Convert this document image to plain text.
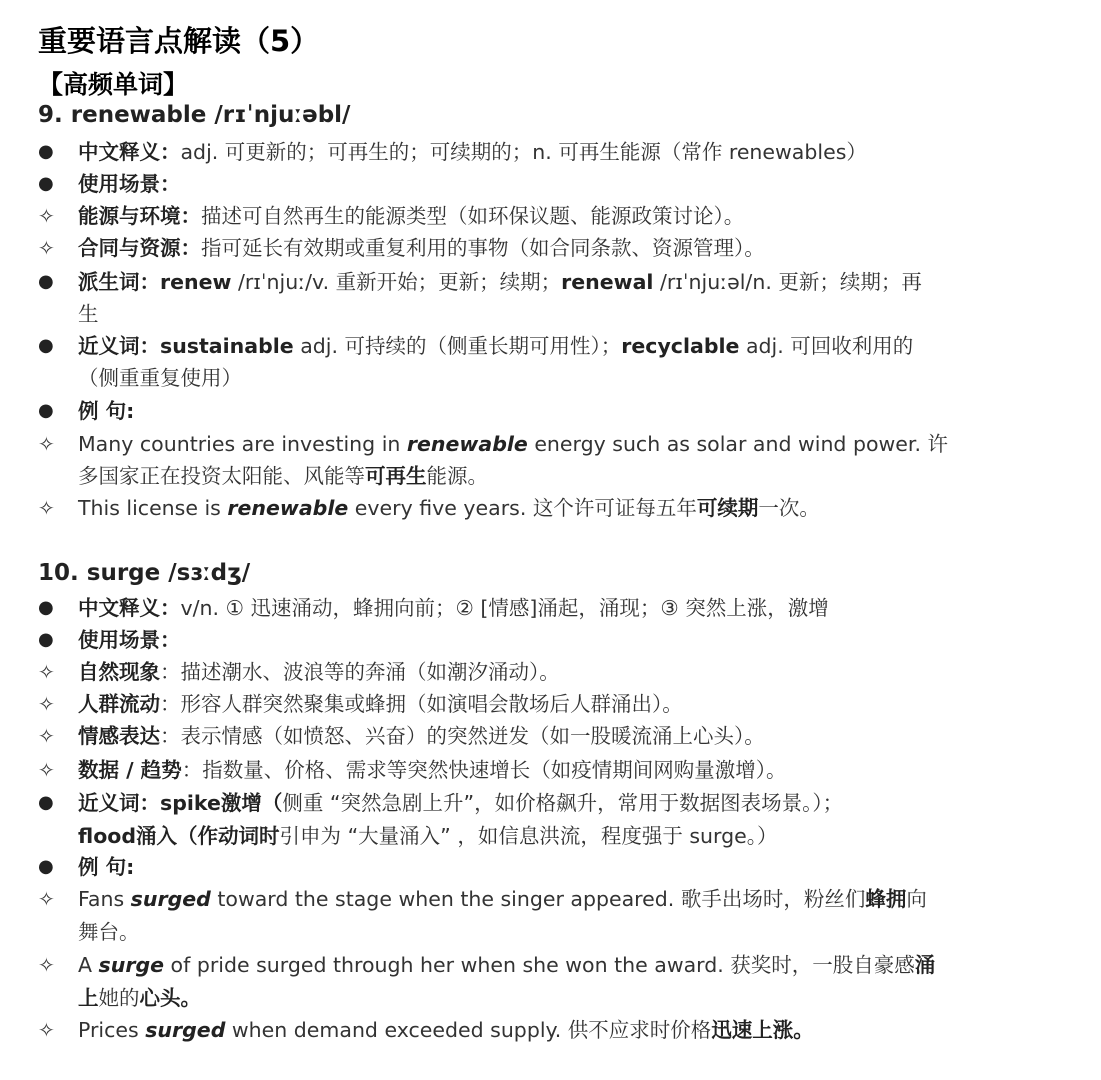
重要语言点解读（5）
【高频单词】
9. renewable /rɪˈnjuːəbl/
●	中文释义：adj. 可更新的；可再生的；可续期的；n. 可再生能源（常作 renewables）
●	使用场景：
✧	能源与环境：描述可自然再生的能源类型（如环保议题、能源政策讨论）。
✧	合同与资源：指可延长有效期或重复利用的事物（如合同条款、资源管理）。
●	派生词：renew /rɪˈnjuː/v. 重新开始；更新；续期；renewal /rɪˈnjuːəl/n. 更新；续期；再
生
●	近义词：sustainable adj. 可持续的（侧重长期可用性）；recyclable adj. 可回收利用的
（侧重重复使用）
●	例 句:
✧	Many countries are investing in renewable energy such as solar and wind power. 许
多国家正在投资太阳能、风能等可再生能源。
✧	This license is renewable every five years. 这个许可证每五年可续期一次。
10. surge /sɜːdʒ/
●	中文释义：v/n. ① 迅速涌动，蜂拥向前；② [情感]涌起，涌现；③ 突然上涨，激增
●	使用场景：
✧	自然现象：描述潮水、波浪等的奔涌（如潮汐涌动）。
✧	人群流动：形容人群突然聚集或蜂拥（如演唱会散场后人群涌出）。
✧	情感表达：表示情感（如愤怒、兴奋）的突然迸发（如一股暖流涌上心头）。
✧	数据 / 趋势：指数量、价格、需求等突然快速增长（如疫情期间网购量激增）。
●	近义词：spike激增（侧重 “突然急剧上升”，如价格飙升，常用于数据图表场景。）；
flood涌入（作动词时引申为 “大量涌入” ，如信息洪流，程度强于 surge。）
●	例 句:
✧	Fans surged toward the stage when the singer appeared. 歌手出场时，粉丝们蜂拥向
舞台。
✧	A surge of pride surged through her when she won the award. 获奖时，一股自豪感涌
上她的心头。
✧	Prices surged when demand exceeded supply. 供不应求时价格迅速上涨。
